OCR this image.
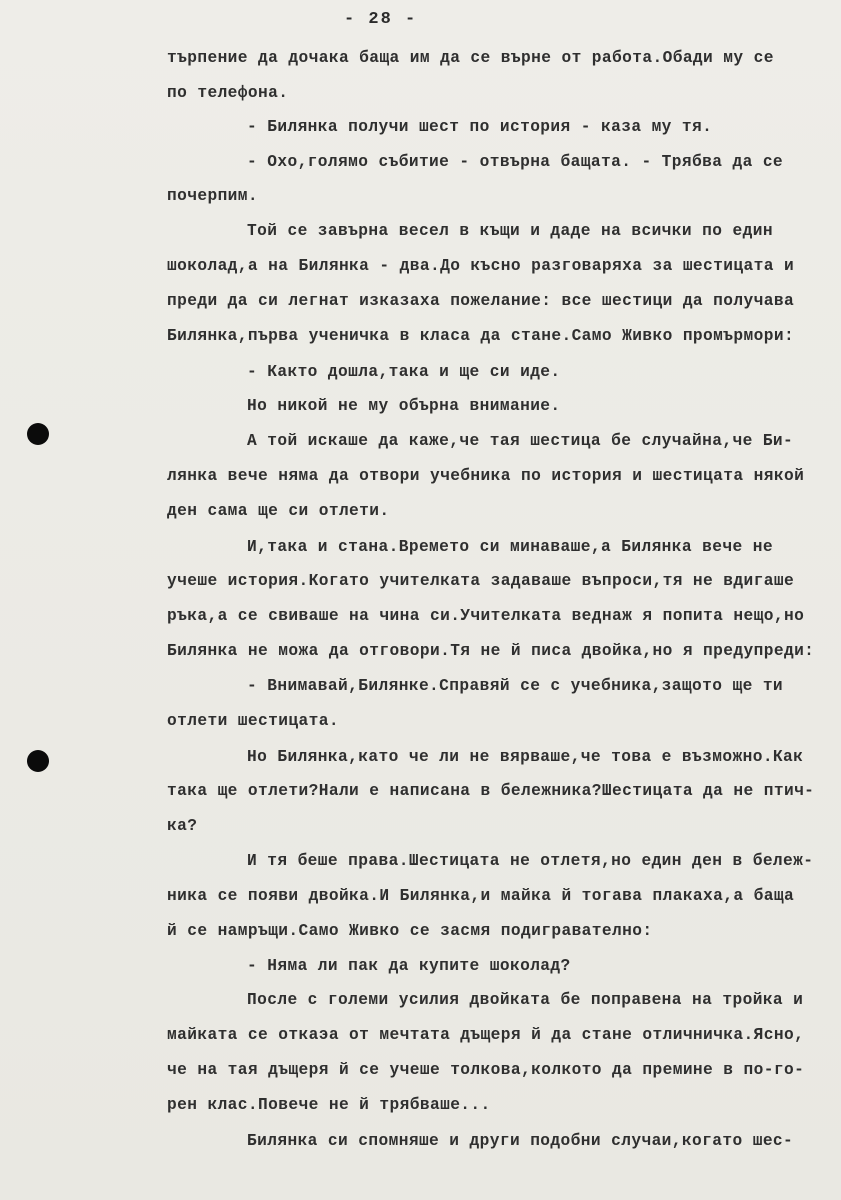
- 28 -
търпение да дочака баща им да се върне от работа.Обади му се
по телефона.
- Билянка получи шест по история - каза му тя.
- Охо,голямо събитие - отвърна бащата. - Трябва да се
почерпим.
Той се завърна весел в къщи и даде на всички по един
шоколад,а на Билянка - два.До късно разговаряха за шестицата и
преди да си легнат изказаха пожелание: все шестици да получава
Билянка,първа ученичка в класа да стане.Само Живко промърмори:
- Както дошла,така и ще си иде.
Но никой не му обърна внимание.
А той искаше да каже,че тая шестица бе случайна,че Би-
лянка вече няма да отвори учебника по история и шестицата някой
ден сама ще си отлети.
И,така и стана.Времето си минаваше,а Билянка вече не
учеше история.Когато учителката задаваше въпроси,тя не вдигаше
ръка,а се свиваше на чина си.Учителката веднаж я попита нещо,но
Билянка не можа да отговори.Тя не й писа двойка,но я предупреди:
- Внимавай,Билянке.Справяй се с учебника,защото ще ти
отлети шестицата.
Но Билянка,като че ли не вярваше,че това е възможно.Как
така ще отлети?Нали е написана в бележника?Шестицата да не птич-
ка?
И тя беше права.Шестицата не отлетя,но един ден в бележ-
ника се появи двойка.И Билянка,и майка й тогава плакаха,а баща
й се намръщи.Само Живко се засмя подигравателно:
- Няма ли пак да купите шоколад?
После с големи усилия двойката бе поправена на тройка и
майката се откаэа от мечтата дъщеря й да стане отличничка.Ясно,
че на тая дъщеря й се учеше толкова,колкото да премине в по-го-
рен клас.Повече не й трябваше...
Билянка си спомняше и други подобни случаи,когато шес-
